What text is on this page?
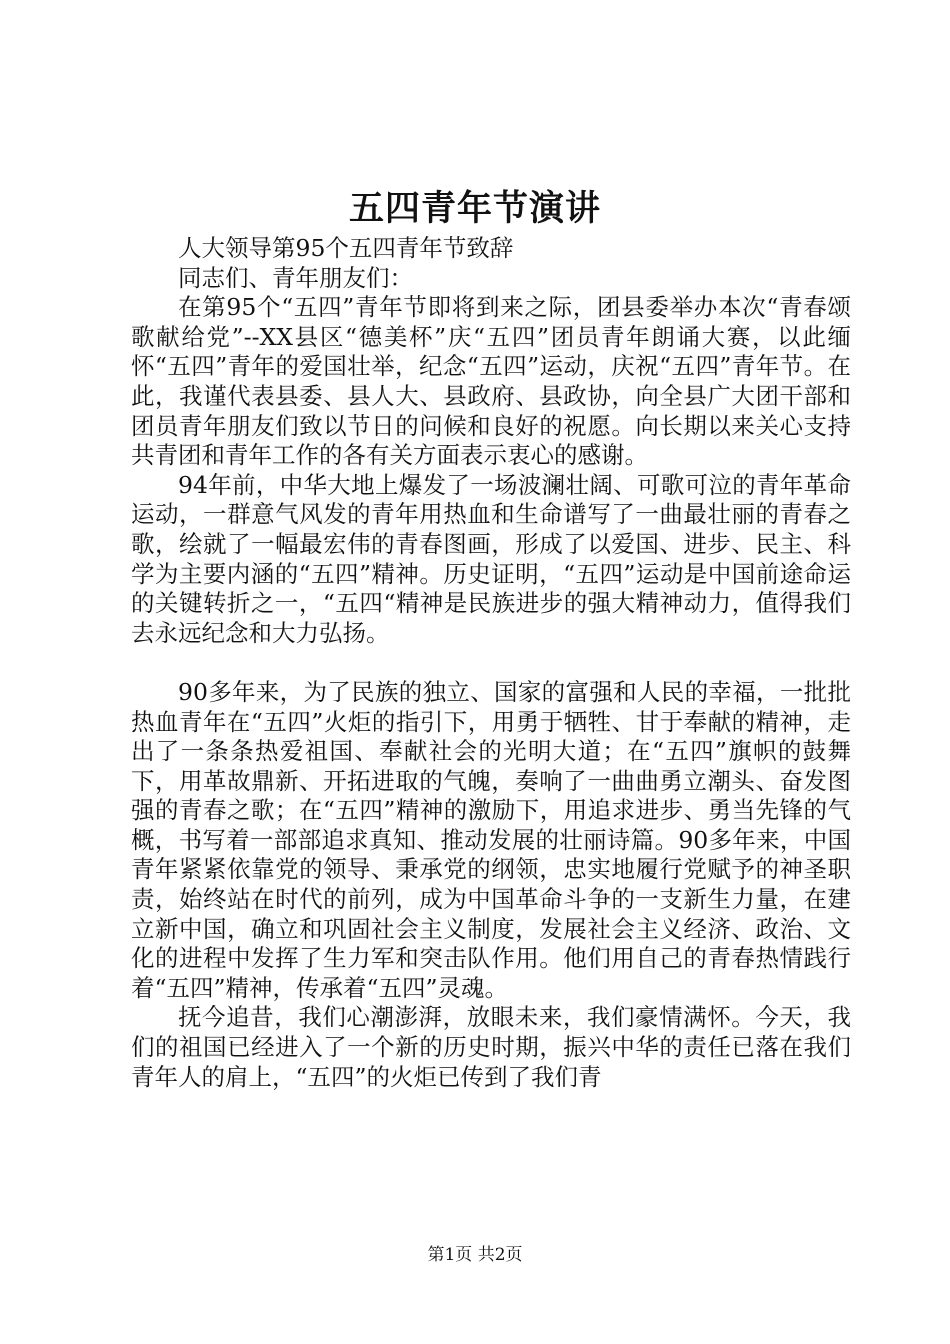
五四青年节演讲

人大领导第95个五四青年节致辞

同志们、青年朋友们：

在第95个“五四”青年节即将到来之际，团县委举办本次“青春颂歌献给党”--XX县区“德美杯”庆“五四”团员青年朗诵大赛，以此缅怀“五四”青年的爱国壮举，纪念“五四”运动，庆祝“五四”青年节。在此，我谨代表县委、县人大、县政府、县政协，向全县广大团干部和团员青年朋友们致以节日的问候和良好的祝愿。向长期以来关心支持共青团和青年工作的各有关方面表示衷心的感谢。

94年前，中华大地上爆发了一场波澜壮阔、可歌可泣的青年革命运动，一群意气风发的青年用热血和生命谱写了一曲最壮丽的青春之歌，绘就了一幅最宏伟的青春图画，形成了以爱国、进步、民主、科学为主要内涵的“五四”精神。历史证明，“五四”运动是中国前途命运的关键转折之一，“五四“精神是民族进步的强大精神动力，值得我们去永远纪念和大力弘扬。

90多年来，为了民族的独立、国家的富强和人民的幸福，一批批热血青年在“五四”火炬的指引下，用勇于牺牲、甘于奉献的精神，走出了一条条热爱祖国、奉献社会的光明大道；在“五四”旗帜的鼓舞下，用革故鼎新、开拓进取的气魄，奏响了一曲曲勇立潮头、奋发图强的青春之歌；在“五四”精神的激励下，用追求进步、勇当先锋的气概，书写着一部部追求真知、推动发展的壮丽诗篇。90多年来，中国青年紧紧依靠党的领导、秉承党的纲领，忠实地履行党赋予的神圣职责，始终站在时代的前列，成为中国革命斗争的一支新生力量，在建立新中国，确立和巩固社会主义制度，发展社会主义经济、政治、文化的进程中发挥了生力军和突击队作用。他们用自己的青春热情践行着“五四”精神，传承着“五四”灵魂。

抚今追昔，我们心潮澎湃，放眼未来，我们豪情满怀。今天，我们的祖国已经进入了一个新的历史时期，振兴中华的责任已落在我们青年人的肩上，“五四”的火炬已传到了我们青

第1页 共2页
